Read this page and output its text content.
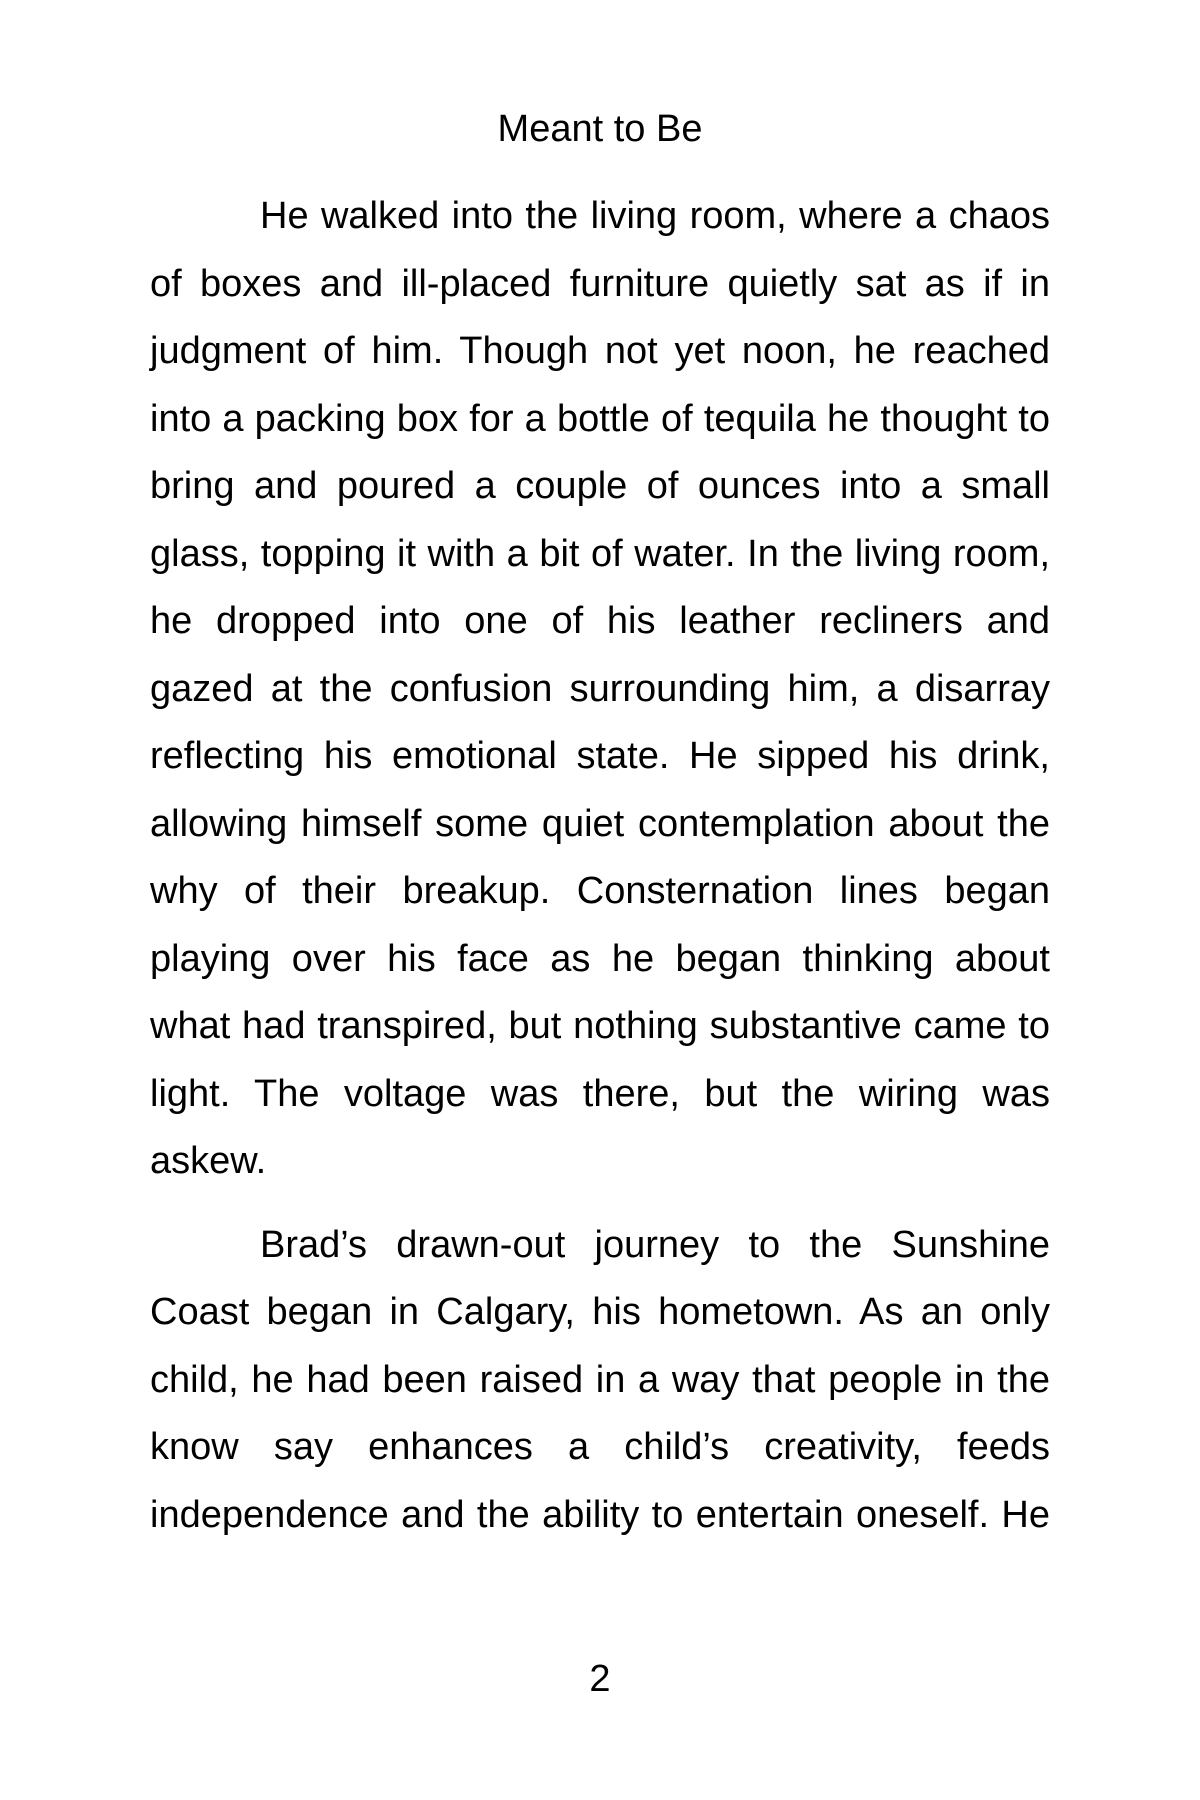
Meant to Be

He walked into the living room, where a chaos of boxes and ill-placed furniture quietly sat as if in judgment of him. Though not yet noon, he reached into a packing box for a bottle of tequila he thought to bring and poured a couple of ounces into a small glass, topping it with a bit of water. In the living room, he dropped into one of his leather recliners and gazed at the confusion surrounding him, a disarray reflecting his emotional state. He sipped his drink, allowing himself some quiet contemplation about the why of their breakup. Consternation lines began playing over his face as he began thinking about what had transpired, but nothing substantive came to light. The voltage was there, but the wiring was askew.

Brad’s drawn-out journey to the Sunshine Coast began in Calgary, his hometown. As an only child, he had been raised in a way that people in the know say enhances a child’s creativity, feeds independence and the ability to entertain oneself. He

2
